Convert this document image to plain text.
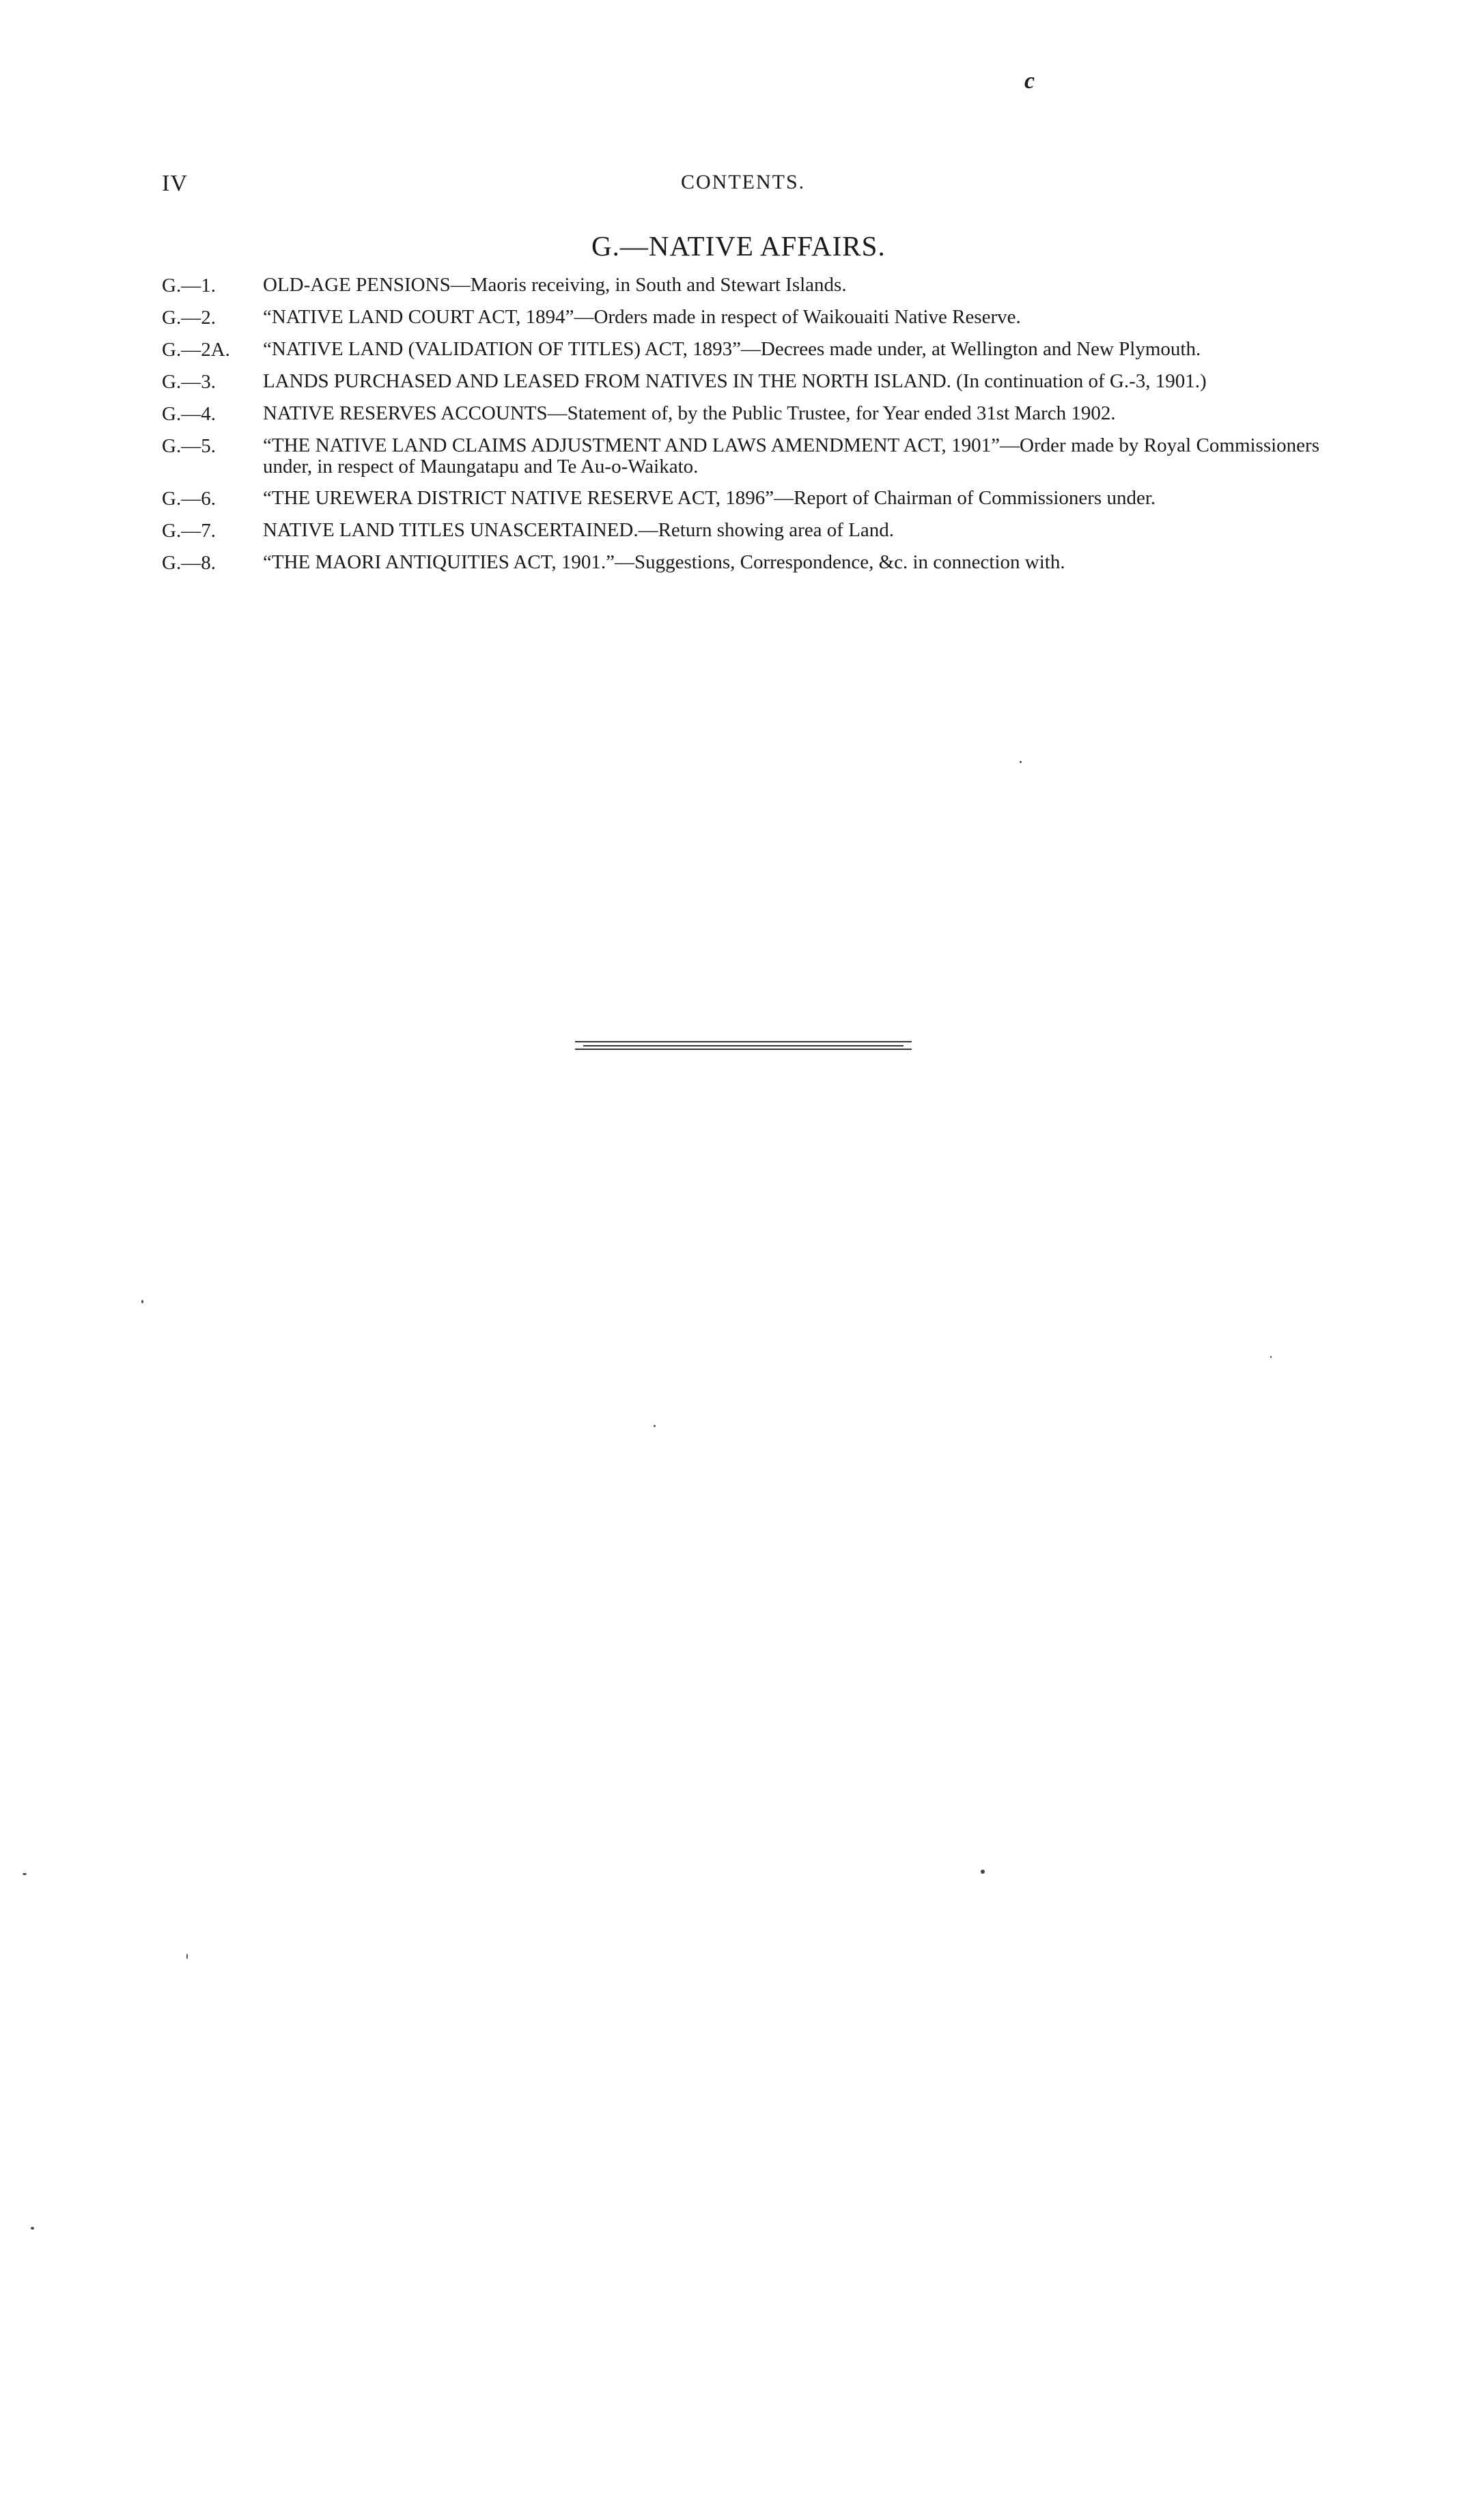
c
IV	CONTENTS.
G.—NATIVE AFFAIRS.
G.—1.	OLD-AGE PENSIONS—Maoris receiving, in South and Stewart Islands.
G.—2.	“NATIVE LAND COURT ACT, 1894”—Orders made in respect of Waikouaiti Native Reserve.
G.—2A.	“NATIVE LAND (VALIDATION OF TITLES) ACT, 1893”—Decrees made under, at Wellington and New Plymouth.
G.—3.	LANDS PURCHASED AND LEASED FROM NATIVES IN THE NORTH ISLAND. (In continuation of G.-3, 1901.)
G.—4.	NATIVE RESERVES ACCOUNTS—Statement of, by the Public Trustee, for Year ended 31st March 1902.
G.—5.	“THE NATIVE LAND CLAIMS ADJUSTMENT AND LAWS AMENDMENT ACT, 1901”—Order made by Royal Commissioners under, in respect of Maungatapu and Te Au-o-Waikato.
G.—6.	“THE UREWERA DISTRICT NATIVE RESERVE ACT, 1896”—Report of Chairman of Commissioners under.
G.—7.	NATIVE LAND TITLES UNASCERTAINED.—Return showing area of Land.
G.—8.	“THE MAORI ANTIQUITIES ACT, 1901.”—Suggestions, Correspondence, &c. in connection with.
